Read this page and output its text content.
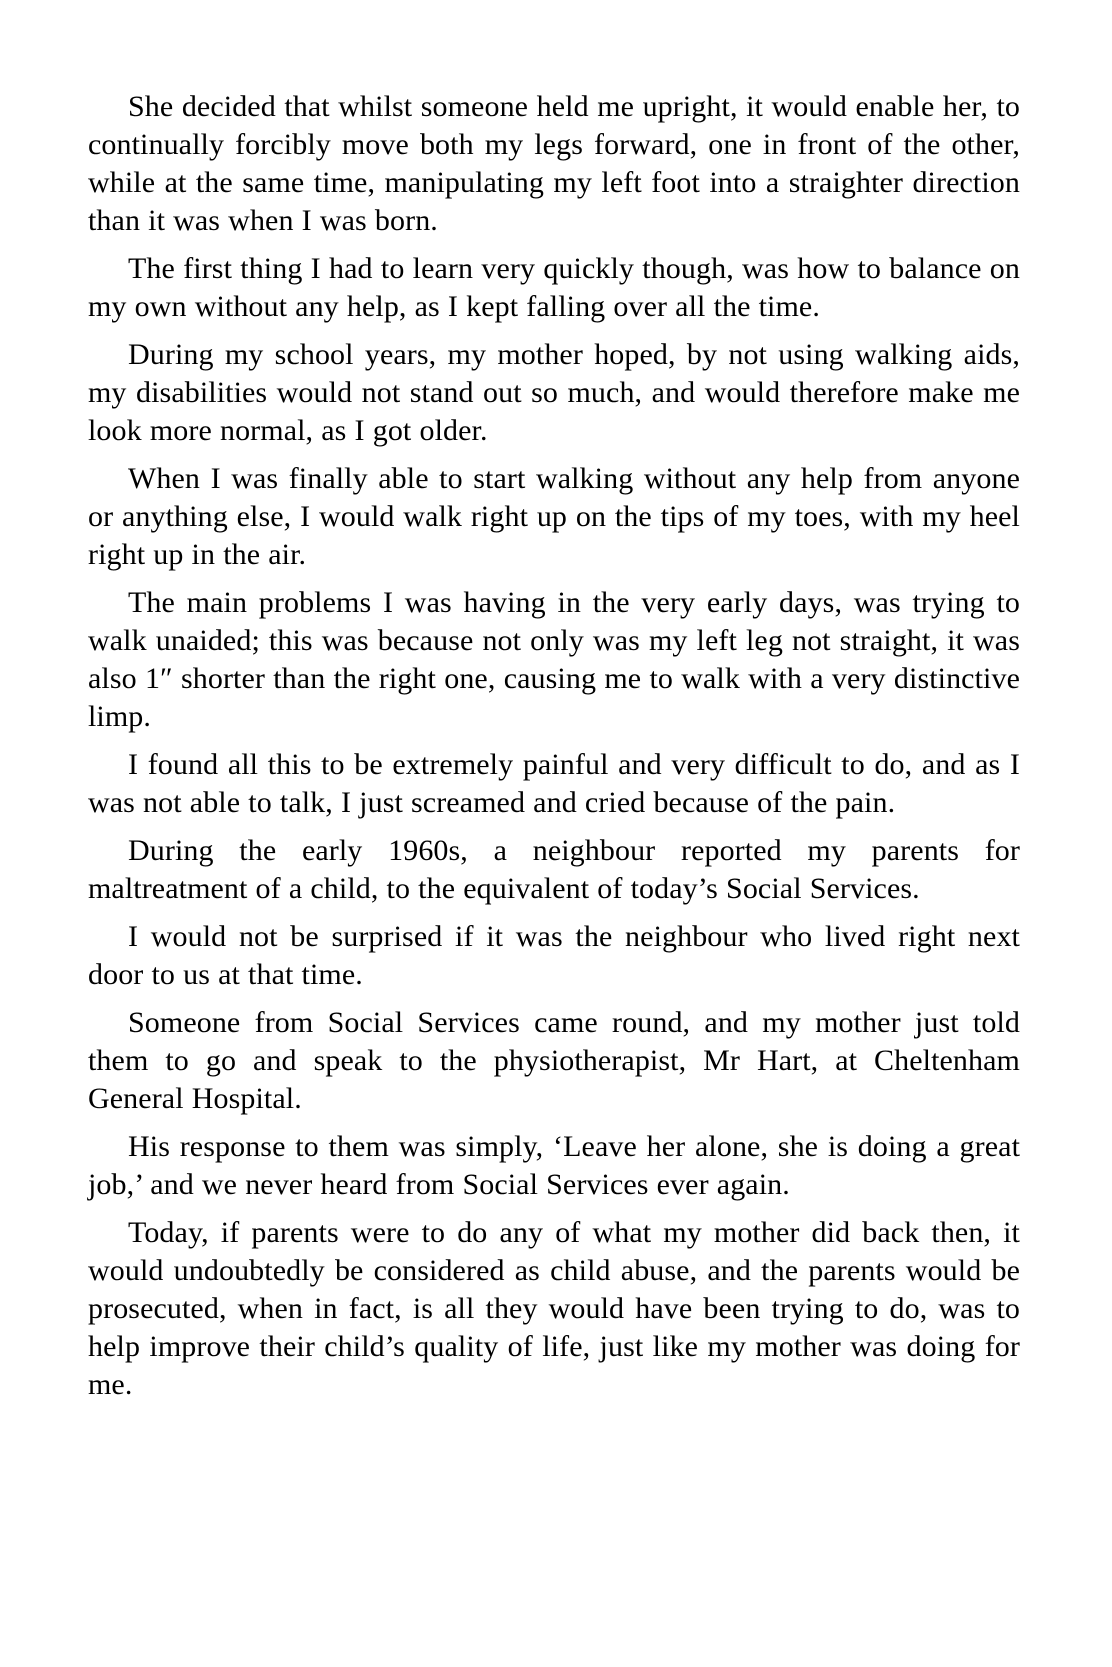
She decided that whilst someone held me upright, it would enable her, to continually forcibly move both my legs forward, one in front of the other, while at the same time, manipulating my left foot into a straighter direction than it was when I was born.

The first thing I had to learn very quickly though, was how to balance on my own without any help, as I kept falling over all the time.

During my school years, my mother hoped, by not using walking aids, my disabilities would not stand out so much, and would therefore make me look more normal, as I got older.

When I was finally able to start walking without any help from anyone or anything else, I would walk right up on the tips of my toes, with my heel right up in the air.

The main problems I was having in the very early days, was trying to walk unaided; this was because not only was my left leg not straight, it was also 1″ shorter than the right one, causing me to walk with a very distinctive limp.

I found all this to be extremely painful and very difficult to do, and as I was not able to talk, I just screamed and cried because of the pain.

During the early 1960s, a neighbour reported my parents for maltreatment of a child, to the equivalent of today’s Social Services.

I would not be surprised if it was the neighbour who lived right next door to us at that time.

Someone from Social Services came round, and my mother just told them to go and speak to the physiotherapist, Mr Hart, at Cheltenham General Hospital.

His response to them was simply, ‘Leave her alone, she is doing a great job,’ and we never heard from Social Services ever again.

Today, if parents were to do any of what my mother did back then, it would undoubtedly be considered as child abuse, and the parents would be prosecuted, when in fact, is all they would have been trying to do, was to help improve their child’s quality of life, just like my mother was doing for me.
